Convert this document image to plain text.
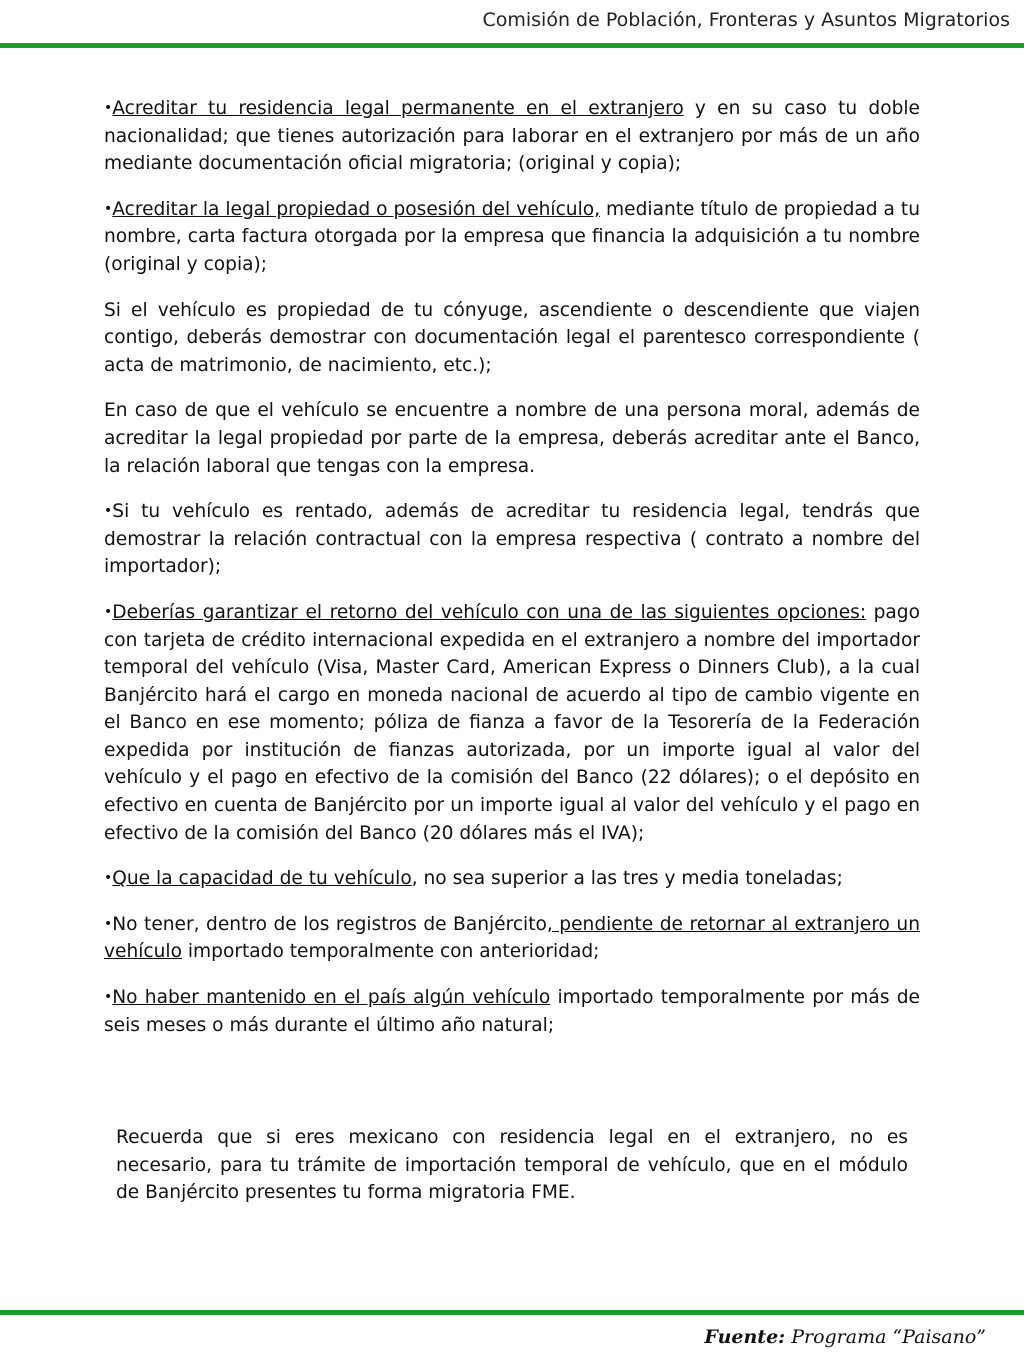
Comisión de Población, Fronteras y Asuntos Migratorios

•Acreditar tu residencia legal permanente en el extranjero y en su caso tu doble nacionalidad; que tienes autorización para laborar en el extranjero por más de un año mediante documentación oficial migratoria; (original y copia);

•Acreditar la legal propiedad o posesión del vehículo, mediante título de propiedad a tu nombre, carta factura otorgada por la empresa que financia la adquisición a tu nombre (original y copia);

Si el vehículo es propiedad de tu cónyuge, ascendiente o descendiente que viajen contigo, deberás demostrar con documentación legal el parentesco correspondiente ( acta de matrimonio, de nacimiento, etc.);

En caso de que el vehículo se encuentre a nombre de una persona moral, además de acreditar la legal propiedad por parte de la empresa, deberás acreditar ante el Banco, la relación laboral que tengas con la empresa.

•Si tu vehículo es rentado, además de acreditar tu residencia legal, tendrás que demostrar la relación contractual con la empresa respectiva ( contrato a nombre del importador);

•Deberías garantizar el retorno del vehículo con una de las siguientes opciones: pago con tarjeta de crédito internacional expedida en el extranjero a nombre del importador temporal del vehículo (Visa, Master Card, American Express o Dinners Club), a la cual Banjército hará el cargo en moneda nacional de acuerdo al tipo de cambio vigente en el Banco en ese momento; póliza de fianza a favor de la Tesorería de la Federación expedida por institución de fianzas autorizada, por un importe igual al valor del vehículo y el pago en efectivo de la comisión del Banco (22 dólares); o el depósito en efectivo en cuenta de Banjército por un importe igual al valor del vehículo y el pago en efectivo de la comisión del Banco (20 dólares más el IVA);

•Que la capacidad de tu vehículo, no sea superior a las tres y media toneladas;

•No tener, dentro de los registros de Banjército, pendiente de retornar al extranjero un vehículo importado temporalmente con anterioridad;

•No haber mantenido en el país algún vehículo importado temporalmente por más de seis meses o más durante el último año natural;

Recuerda que si eres mexicano con residencia legal en el extranjero, no es necesario, para tu trámite de importación temporal de vehículo, que en el módulo de Banjército presentes tu forma migratoria FME.

Fuente: Programa “Paisano”
